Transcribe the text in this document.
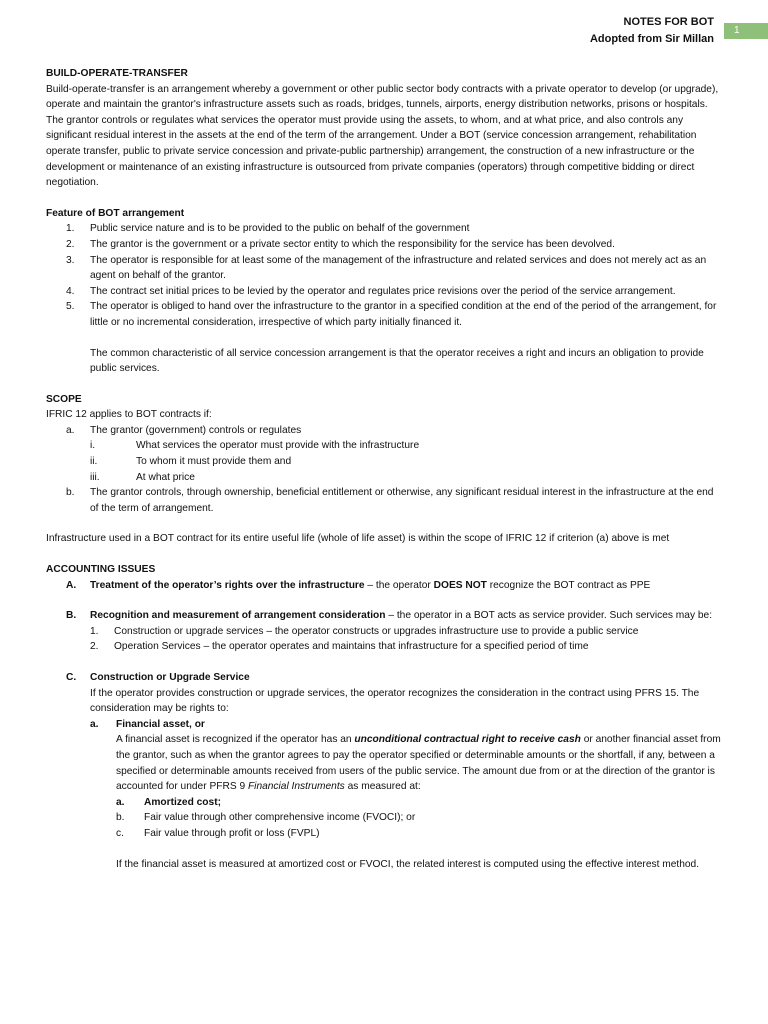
NOTES FOR BOT
Adopted from Sir Millan
1

BUILD-OPERATE-TRANSFER

Build-operate-transfer is an arrangement whereby a government or other public sector body contracts with a private operator to develop (or upgrade), operate and maintain the grantor's infrastructure assets such as roads, bridges, tunnels, airports, energy distribution networks, prisons or hospitals. The grantor controls or regulates what services the operator must provide using the assets, to whom, and at what price, and also controls any significant residual interest in the assets at the end of the term of the arrangement. Under a BOT (service concession arrangement, rehabilitation operate transfer, public to private service concession and private-public partnership) arrangement, the construction of a new infrastructure or the development or maintenance of an existing infrastructure is outsourced from private companies (operators) through competitive bidding or direct negotiation.

Feature of BOT arrangement

1.	Public service nature and is to be provided to the public on behalf of the government
2.	The grantor is the government or a private sector entity to which the responsibility for the service has been devolved.
3.	The operator is responsible for at least some of the management of the infrastructure and related services and does not merely act as an agent on behalf of the grantor.
4.	The contract set initial prices to be levied by the operator and regulates price revisions over the period of the service arrangement.
5.	The operator is obliged to hand over the infrastructure to the grantor in a specified condition at the end of the period of the arrangement, for little or no incremental consideration, irrespective of which party initially financed it.

The common characteristic of all service concession arrangement is that the operator receives a right and incurs an obligation to provide public services.

SCOPE

IFRIC 12 applies to BOT contracts if:

a.	The grantor (government) controls or regulates
i.	What services the operator must provide with the infrastructure
ii.	To whom it must provide them and
iii.	At what price
b.	The grantor controls, through ownership, beneficial entitlement or otherwise, any significant residual interest in the infrastructure at the end of the term of arrangement.

Infrastructure used in a BOT contract for its entire useful life (whole of life asset) is within the scope of IFRIC 12 if criterion (a) above is met

ACCOUNTING ISSUES

A.	Treatment of the operator’s rights over the infrastructure – the operator DOES NOT recognize the BOT contract as PPE
B.	Recognition and measurement of arrangement consideration – the operator in a BOT acts as service provider. Such services may be:
1.	Construction or upgrade services – the operator constructs or upgrades infrastructure use to provide a public service
2.	Operation Services – the operator operates and maintains that infrastructure for a specified period of time
C.	Construction or Upgrade Service

If the operator provides construction or upgrade services, the operator recognizes the consideration in the contract using PFRS 15. The consideration may be rights to:

a.	Financial asset, or

A financial asset is recognized if the operator has an unconditional contractual right to receive cash or another financial asset from the grantor, such as when the grantor agrees to pay the operator specified or determinable amounts or the shortfall, if any, between a specified or determinable amounts received from users of the public service. The amount due from or at the direction of the grantor is accounted for under PFRS 9 Financial Instruments as measured at:

a.	Amortized cost;
b.	Fair value through other comprehensive income (FVOCI); or
c.	Fair value through profit or loss (FVPL)

If the financial asset is measured at amortized cost or FVOCI, the related interest is computed using the effective interest method.
